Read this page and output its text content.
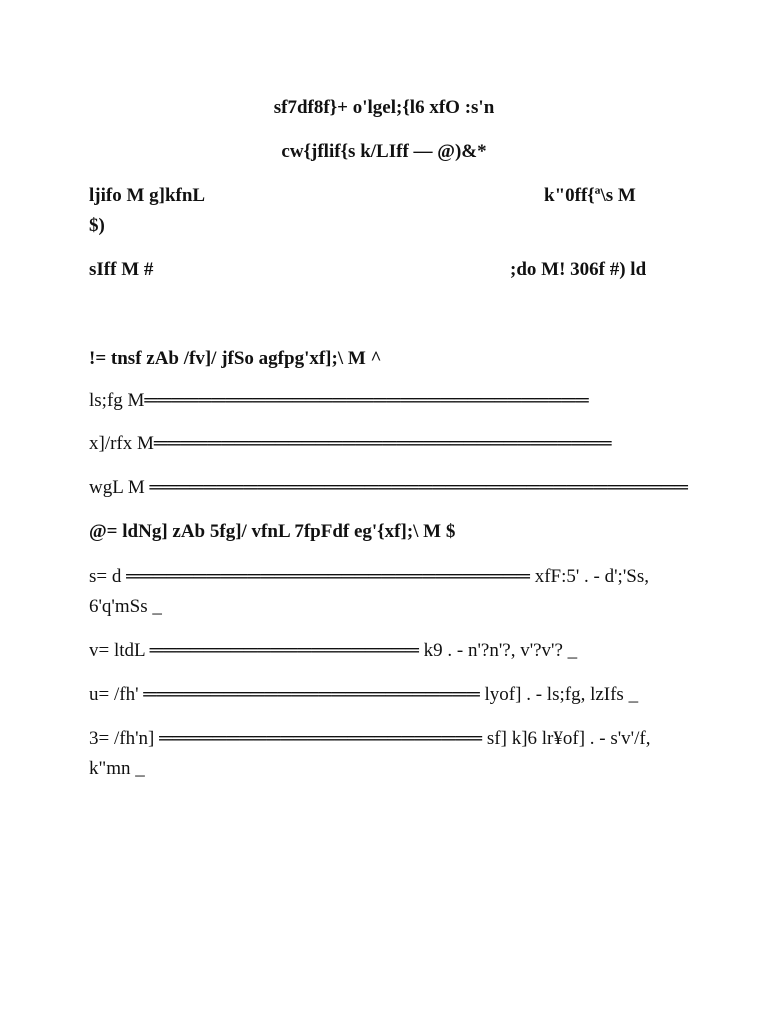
sf7df8f}+ o'lgel;{l6 xfO :s'n
cw{jflif{s k/LIff — @)&*
ljifo M g]kfnL	k"0ff{ª\s M
$)
sIff M #	;do M! 306f #) ld
!= tnsf zAb /fv]/ jfSo agfpg'xf];\ M ^
ls;fg M═════════════════════════════════
x]/rfx M══════════════════════════════════
wgL M ════════════════════════════════════════
@= ldNg] zAb 5fg]/ vfnL 7fpFdf eg'{xf];\ M $
s= d ══════════════════════════════ xfF:5' . - d';'Ss,
6'q'mSs _
v= ltdL ════════════════════ k9 . - n'?n'?, v'?v'? _
u= /fh' ═════════════════════════ lyof] . - ls;fg, lzIfs _
3= /fh'n] ════════════════════════ sf] k]6 lr¥of] . - s'v'/f,
k"mn _
